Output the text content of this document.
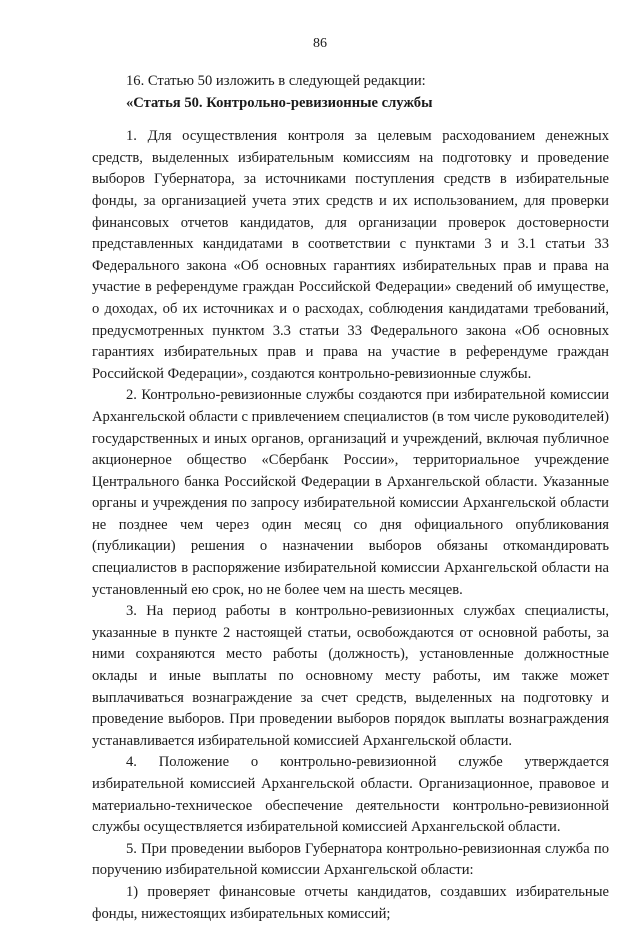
86
16. Статью 50 изложить в следующей редакции:
«Статья 50. Контрольно-ревизионные службы

1. Для осуществления контроля за целевым расходованием денежных средств, выделенных избирательным комиссиям на подготовку и проведение выборов Губернатора, за источниками поступления средств в избирательные фонды, за организацией учета этих средств и их использованием, для проверки финансовых отчетов кандидатов, для организации проверок достоверности представленных кандидатами в соответствии с пунктами 3 и 3.1 статьи 33 Федерального закона «Об основных гарантиях избирательных прав и права на участие в референдуме граждан Российской Федерации» сведений об имуществе, о доходах, об их источниках и о расходах, соблюдения кандидатами требований, предусмотренных пунктом 3.3 статьи 33 Федерального закона «Об основных гарантиях избирательных прав и права на участие в референдуме граждан Российской Федерации», создаются контрольно-ревизионные службы.

2. Контрольно-ревизионные службы создаются при избирательной комиссии Архангельской области с привлечением специалистов (в том числе руководителей) государственных и иных органов, организаций и учреждений, включая публичное акционерное общество «Сбербанк России», территориальное учреждение Центрального банка Российской Федерации в Архангельской области. Указанные органы и учреждения по запросу избирательной комиссии Архангельской области не позднее чем через один месяц со дня официального опубликования (публикации) решения о назначении выборов обязаны откомандировать специалистов в распоряжение избирательной комиссии Архангельской области на установленный ею срок, но не более чем на шесть месяцев.

3. На период работы в контрольно-ревизионных службах специалисты, указанные в пункте 2 настоящей статьи, освобождаются от основной работы, за ними сохраняются место работы (должность), установленные должностные оклады и иные выплаты по основному месту работы, им также может выплачиваться вознаграждение за счет средств, выделенных на подготовку и проведение выборов. При проведении выборов порядок выплаты вознаграждения устанавливается избирательной комиссией Архангельской области.

4. Положение о контрольно-ревизионной службе утверждается избирательной комиссией Архангельской области. Организационное, правовое и материально-техническое обеспечение деятельности контрольно-ревизионной службы осуществляется избирательной комиссией Архангельской области.

5. При проведении выборов Губернатора контрольно-ревизионная служба по поручению избирательной комиссии Архангельской области:

1) проверяет финансовые отчеты кандидатов, создавших избирательные фонды, нижестоящих избирательных комиссий;
